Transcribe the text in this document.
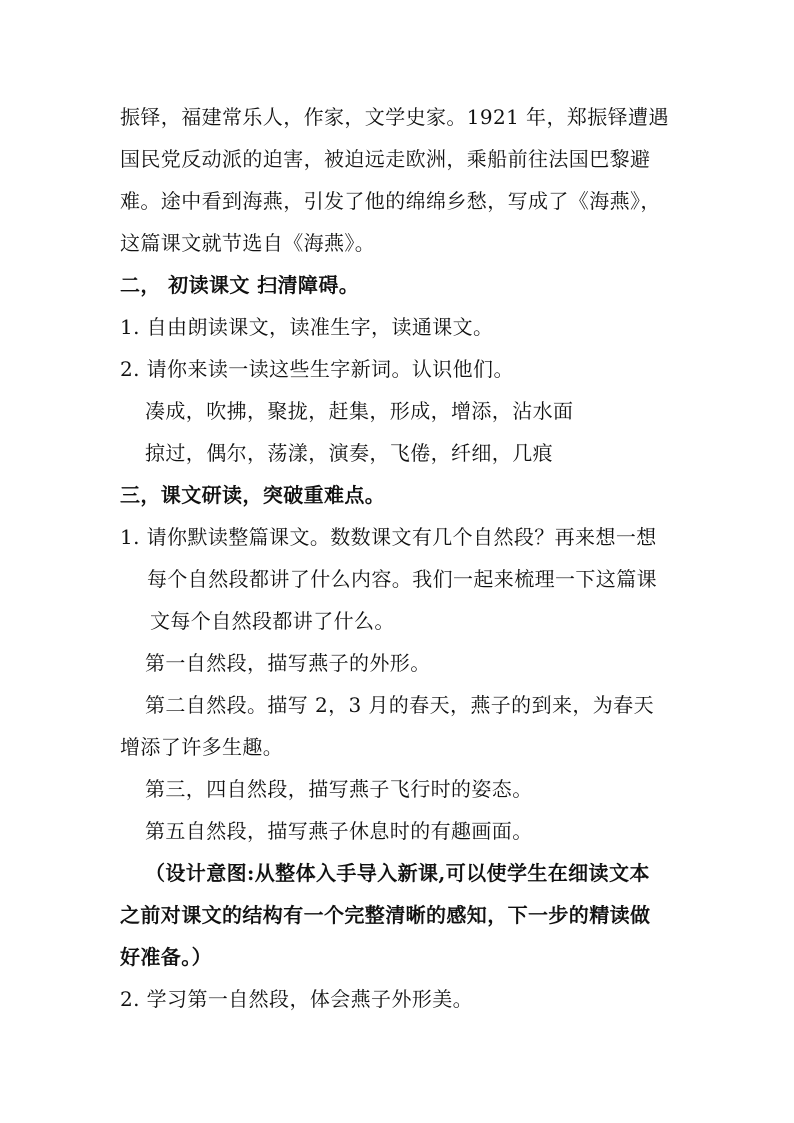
振铎，福建常乐人，作家，文学史家。1921 年，郑振铎遭遇
国民党反动派的迫害，被迫远走欧洲，乘船前往法国巴黎避
难。途中看到海燕，引发了他的绵绵乡愁，写成了《海燕》，
这篇课文就节选自《海燕》。
二， 初读课文 扫清障碍。
1. 自由朗读课文，读准生字，读通课文。
2. 请你来读一读这些生字新词。认识他们。
凑成，吹拂，聚拢，赶集，形成，增添，沾水面
掠过，偶尔，荡漾，演奏，飞倦，纤细，几痕
三，课文研读，突破重难点。
1. 请你默读整篇课文。数数课文有几个自然段？再来想一想
每个自然段都讲了什么内容。我们一起来梳理一下这篇课
文每个自然段都讲了什么。
第一自然段，描写燕子的外形。
第二自然段。描写 2，3 月的春天，燕子的到来，为春天
增添了许多生趣。
第三，四自然段，描写燕子飞行时的姿态。
第五自然段，描写燕子休息时的有趣画面。
（设计意图:从整体入手导入新课,可以使学生在细读文本
之前对课文的结构有一个完整清晰的感知，下一步的精读做
好准备。）
2. 学习第一自然段，体会燕子外形美。
